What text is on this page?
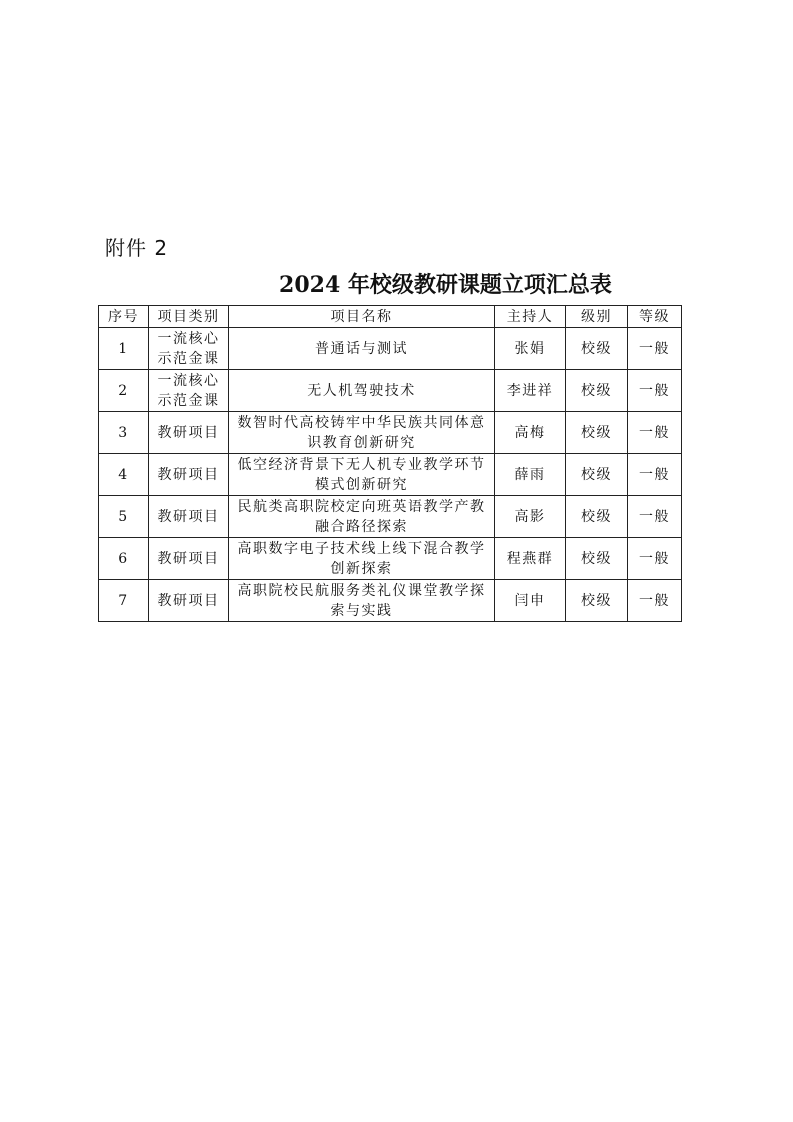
附件 2
2024 年校级教研课题立项汇总表
序号	项目类别	项目名称	主持人	级别	等级
1	一流核心示范金课	普通话与测试	张娟	校级	一般
2	一流核心示范金课	无人机驾驶技术	李进祥	校级	一般
3	教研项目	数智时代高校铸牢中华民族共同体意识教育创新研究	高梅	校级	一般
4	教研项目	低空经济背景下无人机专业教学环节模式创新研究	薛雨	校级	一般
5	教研项目	民航类高职院校定向班英语教学产教融合路径探索	高影	校级	一般
6	教研项目	高职数字电子技术线上线下混合教学创新探索	程燕群	校级	一般
7	教研项目	高职院校民航服务类礼仪课堂教学探索与实践	闫申	校级	一般
